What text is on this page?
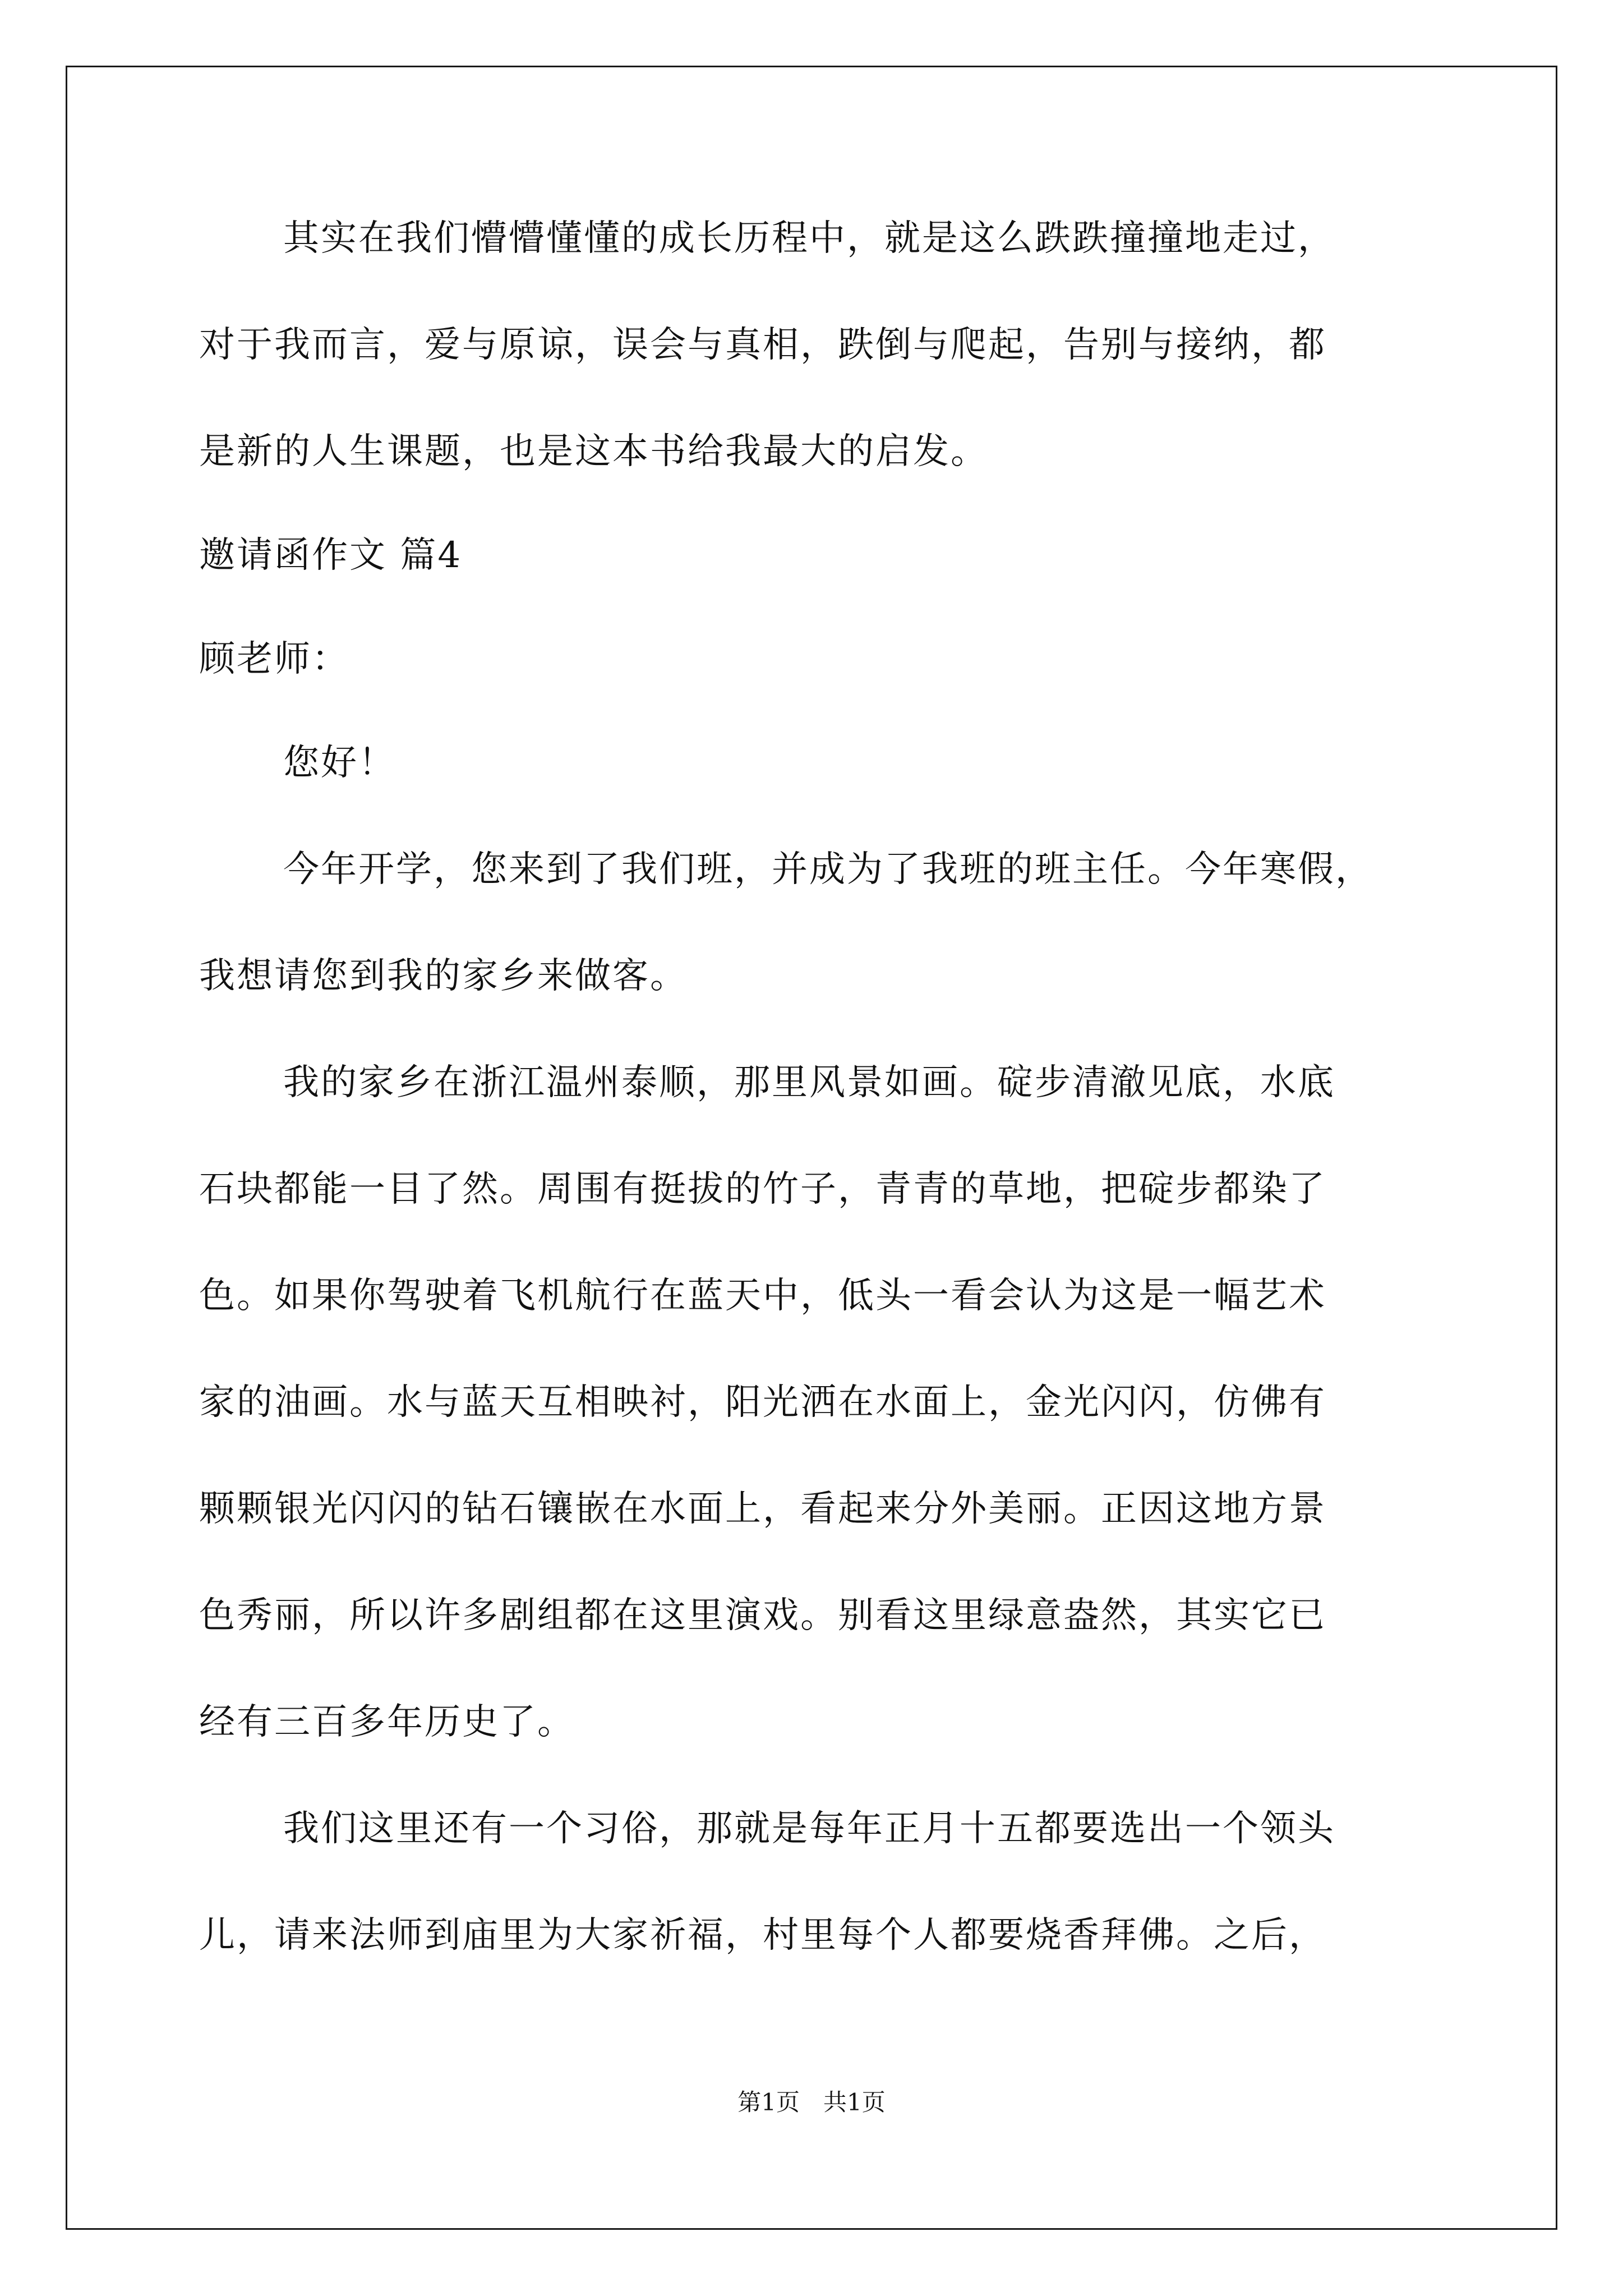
其实在我们懵懵懂懂的成长历程中，就是这么跌跌撞撞地走过，
对于我而言，爱与原谅，误会与真相，跌倒与爬起，告别与接纳，都
是新的人生课题，也是这本书给我最大的启发。
邀请函作文 篇4
顾老师：
您好！
今年开学，您来到了我们班，并成为了我班的班主任。今年寒假，
我想请您到我的家乡来做客。
我的家乡在浙江温州泰顺，那里风景如画。碇步清澈见底，水底
石块都能一目了然。周围有挺拔的竹子，青青的草地，把碇步都染了
色。如果你驾驶着飞机航行在蓝天中，低头一看会认为这是一幅艺术
家的油画。水与蓝天互相映衬，阳光洒在水面上，金光闪闪，仿佛有
颗颗银光闪闪的钻石镶嵌在水面上，看起来分外美丽。正因这地方景
色秀丽，所以许多剧组都在这里演戏。别看这里绿意盎然，其实它已
经有三百多年历史了。
我们这里还有一个习俗，那就是每年正月十五都要选出一个领头
儿，请来法师到庙里为大家祈福，村里每个人都要烧香拜佛。之后，
第1页　共1页
